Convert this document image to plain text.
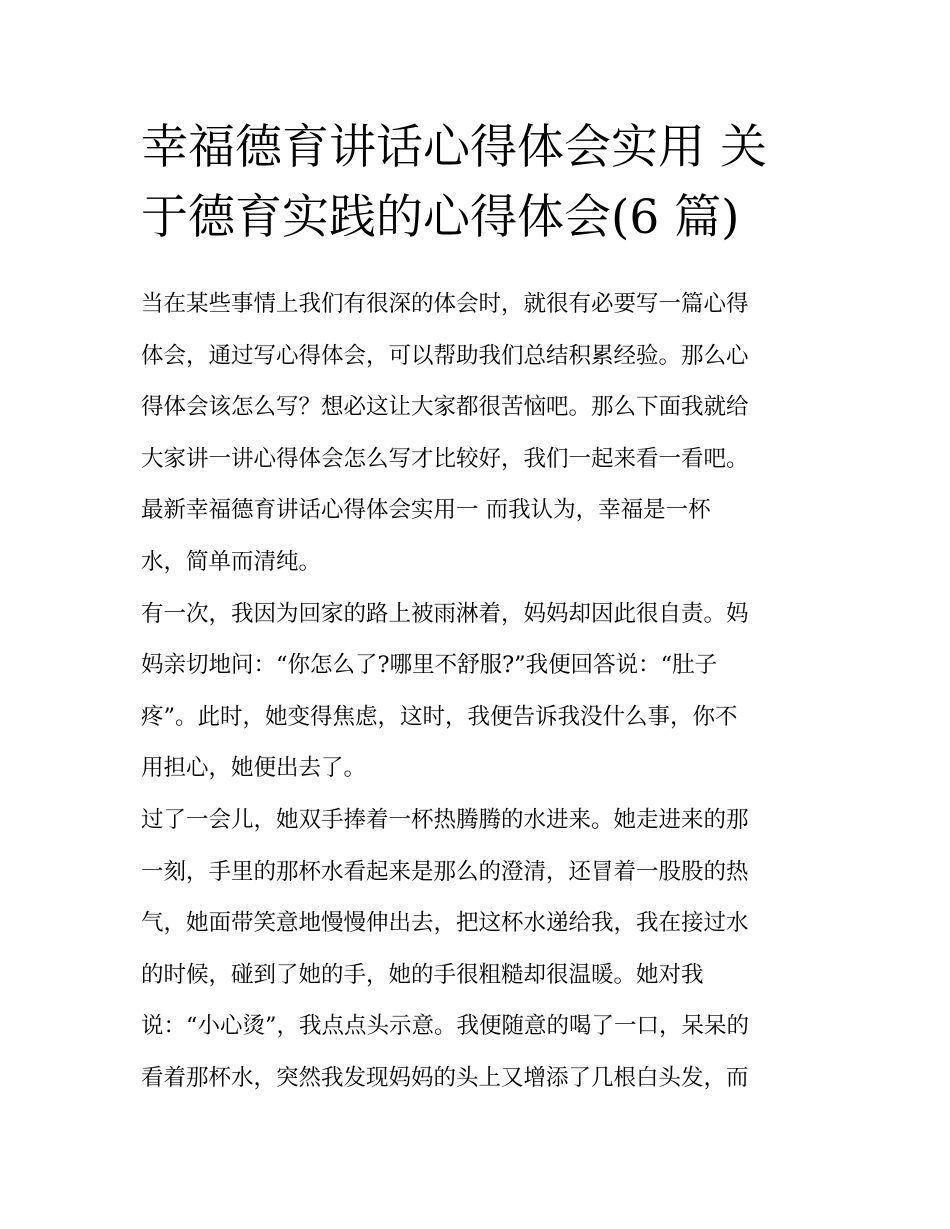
幸福德育讲话心得体会实用 关
于德育实践的心得体会(6 篇)
当在某些事情上我们有很深的体会时，就很有必要写一篇心得
体会，通过写心得体会，可以帮助我们总结积累经验。那么心
得体会该怎么写？想必这让大家都很苦恼吧。那么下面我就给
大家讲一讲心得体会怎么写才比较好，我们一起来看一看吧。
最新幸福德育讲话心得体会实用一 而我认为，幸福是一杯
水，简单而清纯。
有一次，我因为回家的路上被雨淋着，妈妈却因此很自责。妈
妈亲切地问：“你怎么了?哪里不舒服?”我便回答说：“肚子
疼”。此时，她变得焦虑，这时，我便告诉我没什么事，你不
用担心，她便出去了。
过了一会儿，她双手捧着一杯热腾腾的水进来。她走进来的那
一刻，手里的那杯水看起来是那么的澄清，还冒着一股股的热
气，她面带笑意地慢慢伸出去，把这杯水递给我，我在接过水
的时候，碰到了她的手，她的手很粗糙却很温暖。她对我
说：“小心烫”，我点点头示意。我便随意的喝了一口，呆呆的
看着那杯水，突然我发现妈妈的头上又增添了几根白头发，而
